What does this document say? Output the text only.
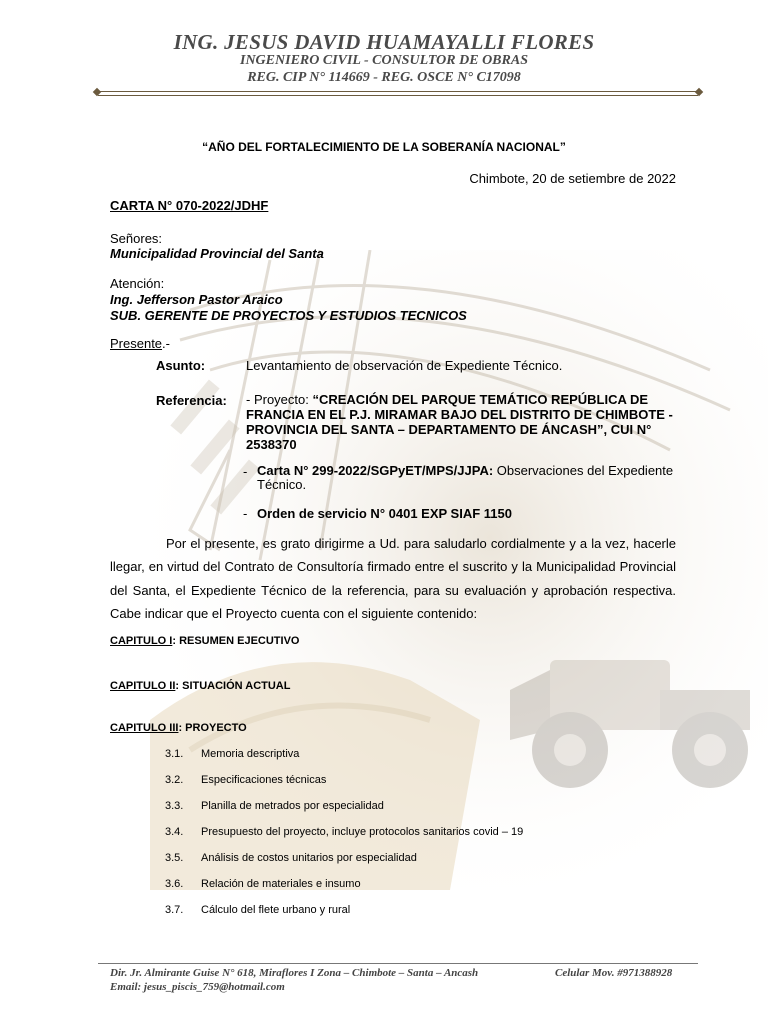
ING. JESUS DAVID HUAMAYALLI FLORES
INGENIERO CIVIL - CONSULTOR DE OBRAS
REG. CIP N° 114669 - REG. OSCE N° C17098
“AÑO DEL FORTALECIMIENTO DE LA SOBERANÍA NACIONAL”
Chimbote, 20 de setiembre de 2022
CARTA N° 070-2022/JDHF
Señores:
Municipalidad Provincial del Santa
Atención:
Ing. Jefferson Pastor Araico
SUB. GERENTE DE PROYECTOS Y ESTUDIOS TECNICOS
Presente.-
Asunto:	Levantamiento de observación de Expediente Técnico.
Referencia: - Proyecto: “CREACIÓN DEL PARQUE TEMÁTICO REPÚBLICA DE FRANCIA EN EL P.J. MIRAMAR BAJO DEL DISTRITO DE CHIMBOTE - PROVINCIA DEL SANTA – DEPARTAMENTO DE ÁNCASH”, CUI N° 2538370
- Carta N° 299-2022/SGPyET/MPS/JJPA: Observaciones del Expediente Técnico.
- Orden de servicio N° 0401 EXP SIAF 1150
Por el presente, es grato dirigirme a Ud. para saludarlo cordialmente y a la vez, hacerle llegar, en virtud del Contrato de Consultoría firmado entre el suscrito y la Municipalidad Provincial del Santa, el Expediente Técnico de la referencia, para su evaluación y aprobación respectiva. Cabe indicar que el Proyecto cuenta con el siguiente contenido:
CAPITULO I: RESUMEN EJECUTIVO
CAPITULO II: SITUACIÓN ACTUAL
CAPITULO III: PROYECTO
3.1. Memoria descriptiva
3.2. Especificaciones técnicas
3.3. Planilla de metrados por especialidad
3.4. Presupuesto del proyecto, incluye protocolos sanitarios covid – 19
3.5. Análisis de costos unitarios por especialidad
3.6. Relación de materiales e insumo
3.7. Cálculo del flete urbano y rural
Dir. Jr. Almirante Guise N° 618, Miraflores I Zona – Chimbote – Santa – Ancash	Celular Mov. #971388928
Email: jesus_piscis_759@hotmail.com
